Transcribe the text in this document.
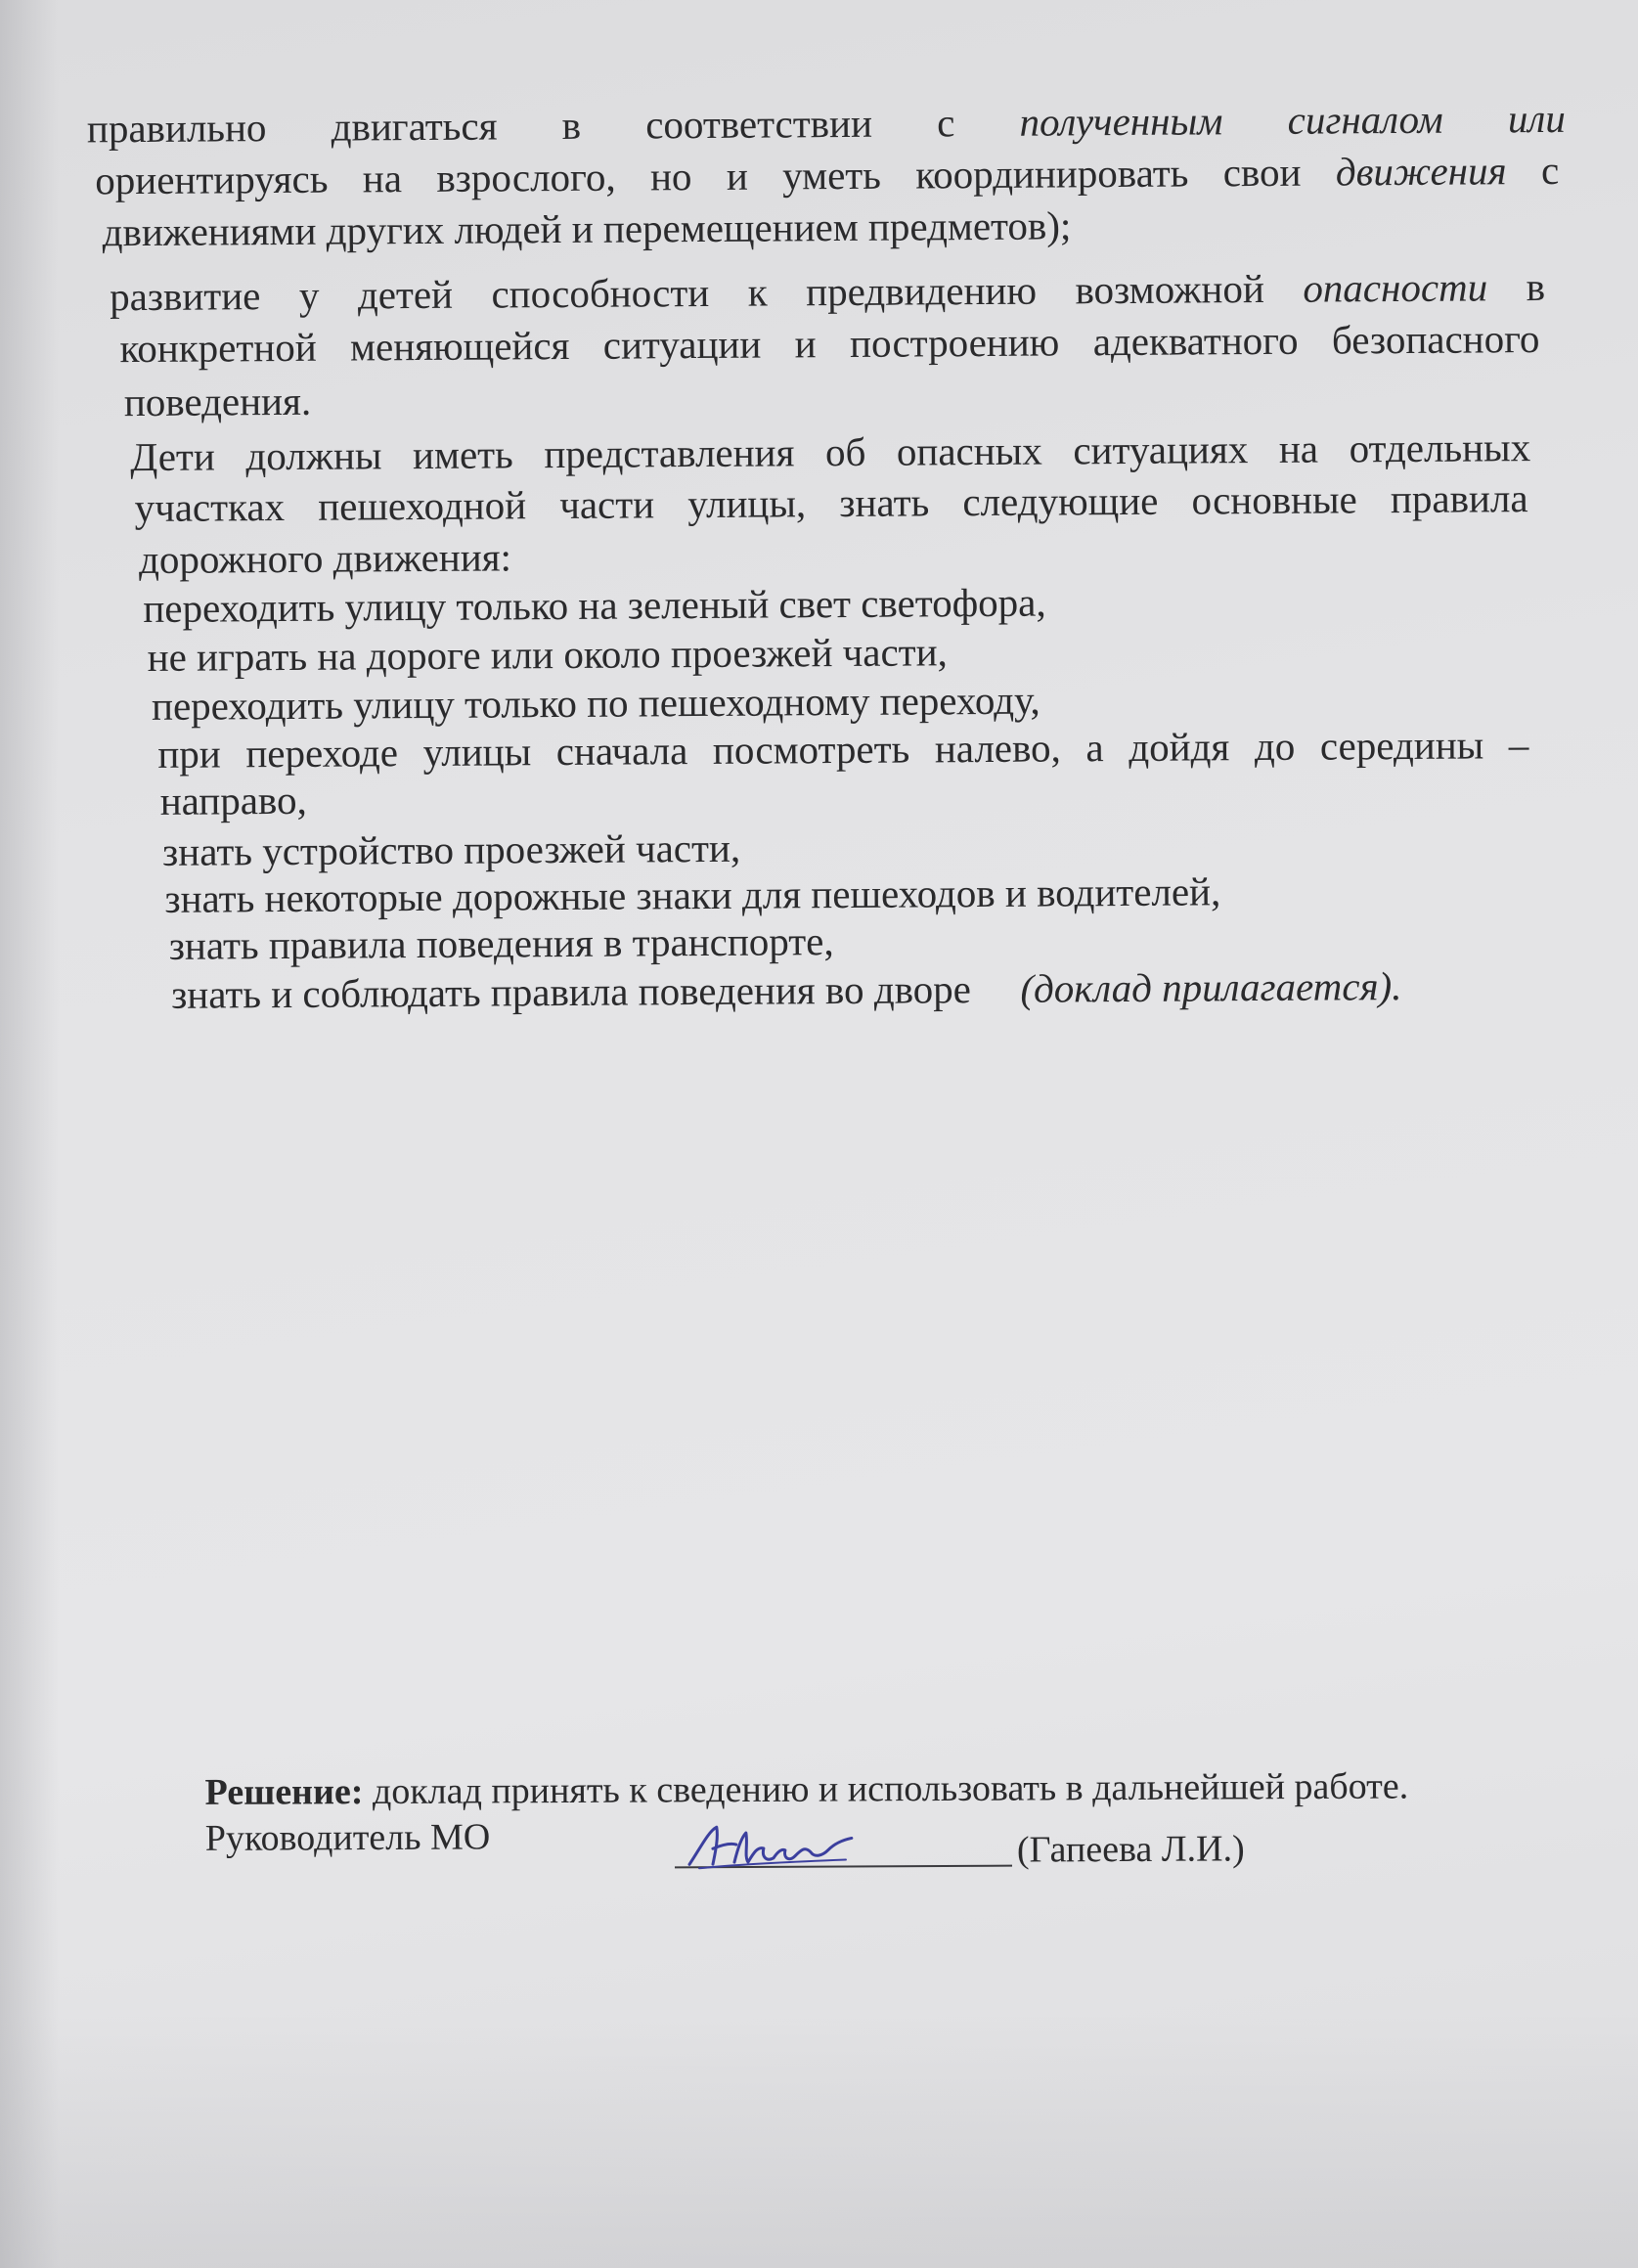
правильно двигаться в соответствии с полученным сигналом или
ориентируясь на взрослого, но и уметь координировать свои движения с

движениями других людей и перемещением предметов);

развитие у детей способности к предвидению возможной опасности в
конкретной меняющейся ситуации и построению адекватного безопасного

поведения.

Дети должны иметь представления об опасных ситуациях на отдельных
участках пешеходной части улицы, знать следующие основные правила

дорожного движения:

переходить улицу только на зеленый свет светофора,

не играть на дороге или около проезжей части,

переходить улицу только по пешеходному переходу,

при переходе улицы сначала посмотреть налево, а дойдя до середины –

направо,

знать устройство проезжей части,

знать некоторые дорожные знаки для пешеходов и водителей,

знать правила поведения в транспорте,

знать и соблюдать правила поведения во дворе (доклад прилагается).

Решение: доклад принять к сведению и использовать в дальнейшей работе.

Руководитель МО	(Гапеева Л.И.)
